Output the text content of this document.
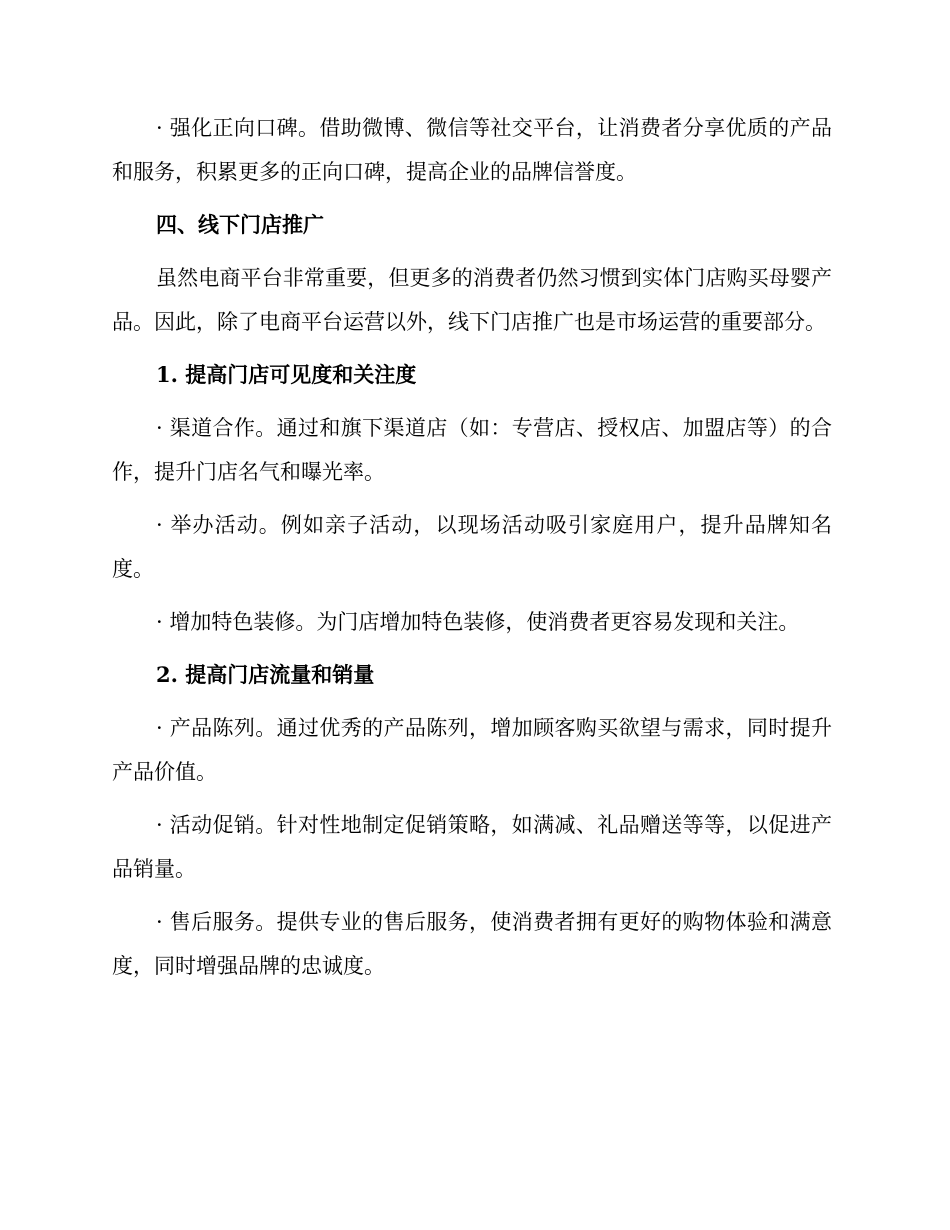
· 强化正向口碑。借助微博、微信等社交平台，让消费者分享优质的产品和服务，积累更多的正向口碑，提高企业的品牌信誉度。

四、线下门店推广

虽然电商平台非常重要，但更多的消费者仍然习惯到实体门店购买母婴产品。因此，除了电商平台运营以外，线下门店推广也是市场运营的重要部分。

1. 提高门店可见度和关注度

· 渠道合作。通过和旗下渠道店（如：专营店、授权店、加盟店等）的合作，提升门店名气和曝光率。

· 举办活动。例如亲子活动，以现场活动吸引家庭用户，提升品牌知名度。

· 增加特色装修。为门店增加特色装修，使消费者更容易发现和关注。

2. 提高门店流量和销量

· 产品陈列。通过优秀的产品陈列，增加顾客购买欲望与需求，同时提升产品价值。

· 活动促销。针对性地制定促销策略，如满减、礼品赠送等等，以促进产品销量。

· 售后服务。提供专业的售后服务，使消费者拥有更好的购物体验和满意度，同时增强品牌的忠诚度。
